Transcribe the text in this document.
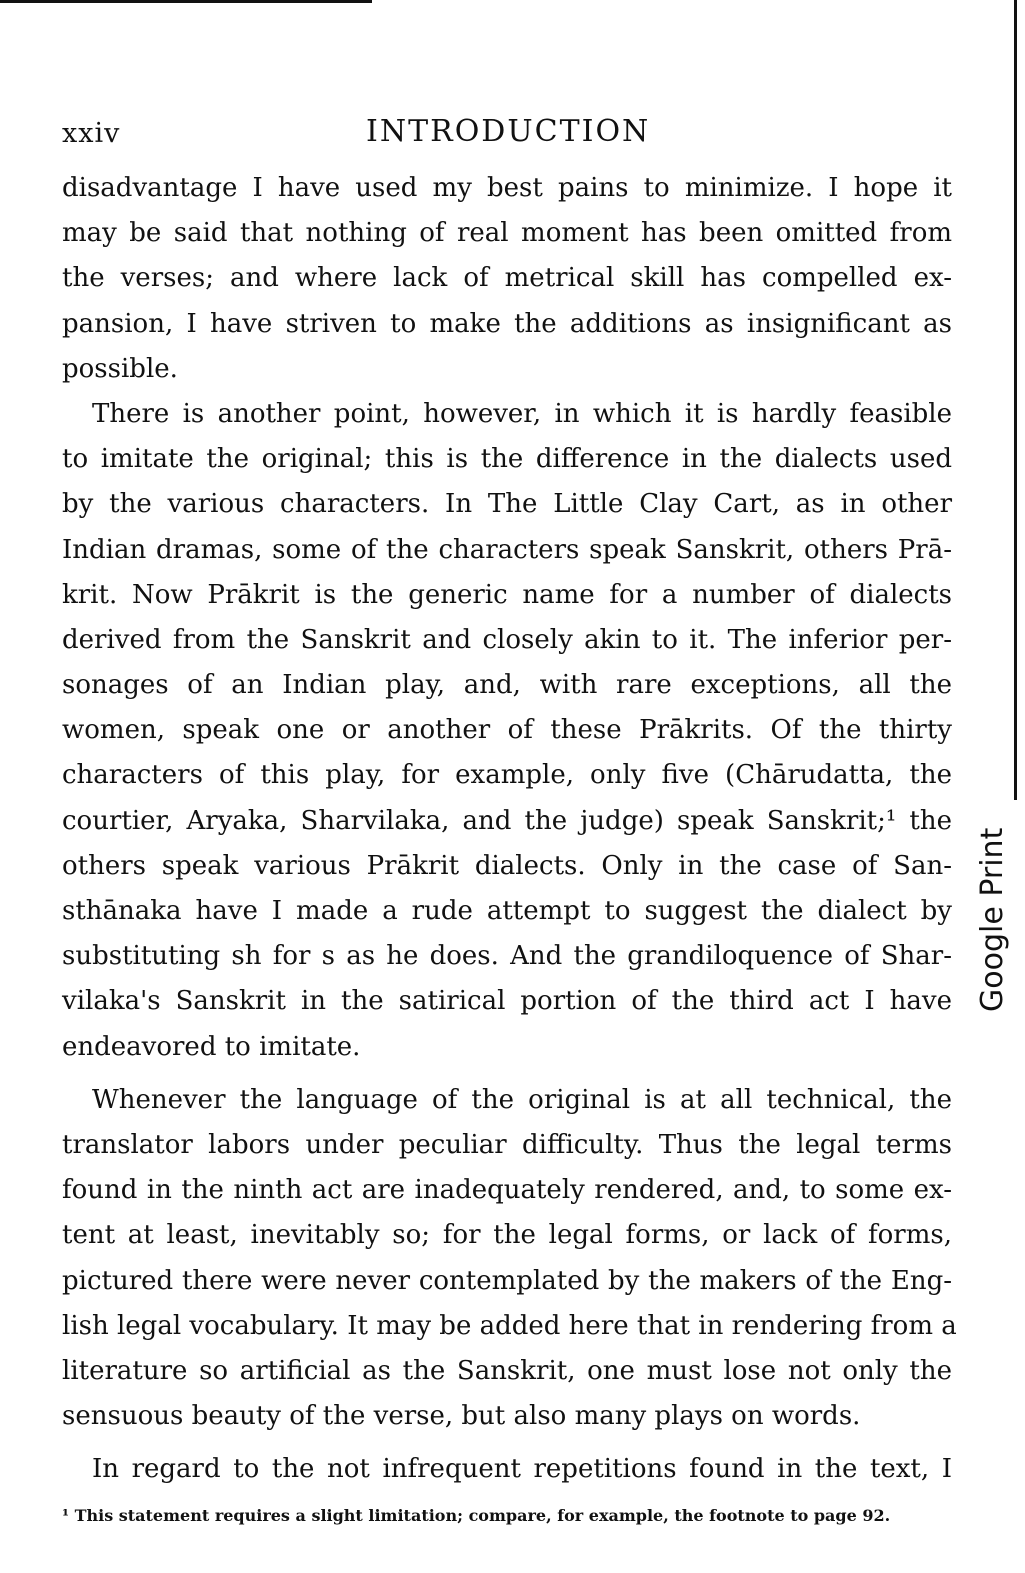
xxiv	INTRODUCTION
disadvantage I have used my best pains to minimize. I hope it
may be said that nothing of real moment has been omitted from
the verses; and where lack of metrical skill has compelled ex-
pansion, I have striven to make the additions as insignificant as
possible.
There is another point, however, in which it is hardly feasible
to imitate the original; this is the difference in the dialects used
by the various characters. In The Little Clay Cart, as in other
Indian dramas, some of the characters speak Sanskrit, others Prā-
krit. Now Prākrit is the generic name for a number of dialects
derived from the Sanskrit and closely akin to it. The inferior per-
sonages of an Indian play, and, with rare exceptions, all the
women, speak one or another of these Prākrits. Of the thirty
characters of this play, for example, only five (Chārudatta, the
courtier, Aryaka, Sharvilaka, and the judge) speak Sanskrit;¹ the
others speak various Prākrit dialects. Only in the case of San-
sthānaka have I made a rude attempt to suggest the dialect by
substituting sh for s as he does. And the grandiloquence of Shar-
vilaka's Sanskrit in the satirical portion of the third act I have
endeavored to imitate.
Whenever the language of the original is at all technical, the
translator labors under peculiar difficulty. Thus the legal terms
found in the ninth act are inadequately rendered, and, to some ex-
tent at least, inevitably so; for the legal forms, or lack of forms,
pictured there were never contemplated by the makers of the Eng-
lish legal vocabulary. It may be added here that in rendering from a
literature so artificial as the Sanskrit, one must lose not only the
sensuous beauty of the verse, but also many plays on words.
In regard to the not infrequent repetitions found in the text, I
¹ This statement requires a slight limitation; compare, for example, the footnote to page 92.
Google Print
